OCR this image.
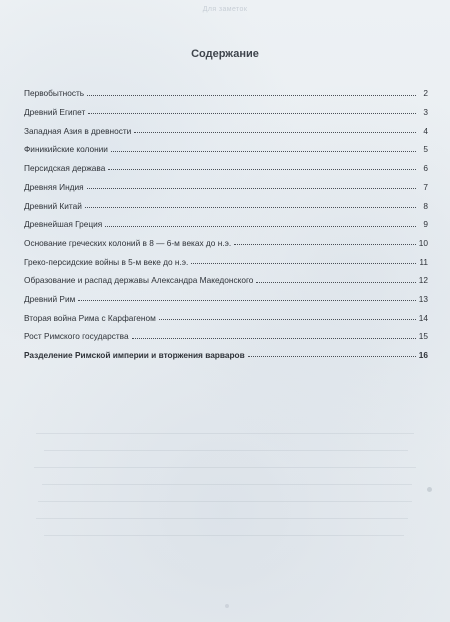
Для заметок
Содержание
Первобытность	2
Древний Египет	3
Западная Азия в древности	4
Финикийские колонии	5
Персидская держава	6
Древняя Индия	7
Древний Китай	8
Древнейшая Греция	9
Основание греческих колоний в 8 — 6-м веках до н.э.	10
Греко-персидские войны в 5-м веке до н.э.	11
Образование и распад державы Александра Македонского	12
Древний Рим	13
Вторая война Рима с Карфагеном	14
Рост Римского государства	15
Разделение Римской империи и вторжения варваров	16
